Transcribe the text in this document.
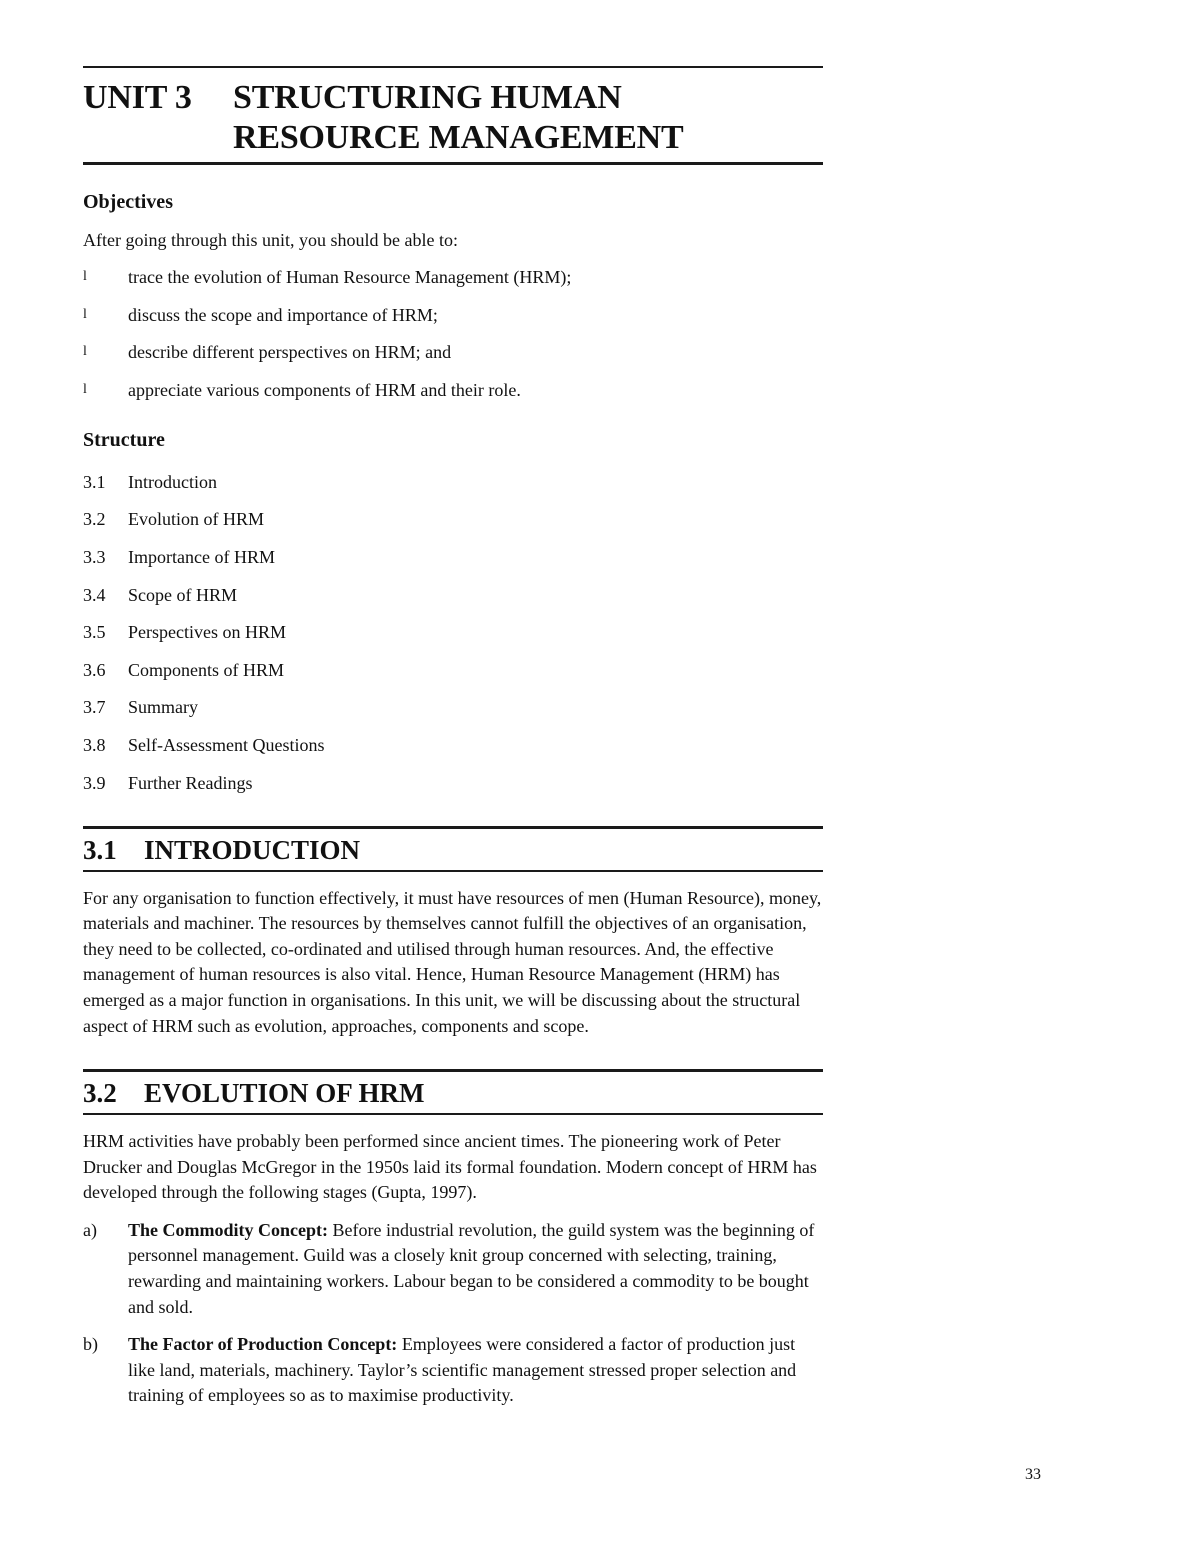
UNIT 3	STRUCTURING HUMAN
RESOURCE MANAGEMENT
Objectives
After going through this unit, you should be able to:
l	trace the evolution of Human Resource Management (HRM);
l	discuss the scope and importance of HRM;
l	describe different perspectives on HRM; and
l	appreciate various components of HRM and their role.
Structure
3.1	Introduction
3.2	Evolution of HRM
3.3	Importance of HRM
3.4	Scope of HRM
3.5	Perspectives on HRM
3.6	Components of HRM
3.7	Summary
3.8	Self-Assessment Questions
3.9	Further Readings
3.1	INTRODUCTION
For any organisation to function effectively, it must have resources of men (Human Resource), money, materials and machiner. The resources by themselves cannot fulfill the objectives of an organisation, they need to be collected, co-ordinated and utilised through human resources. And, the effective management of human resources is also vital. Hence, Human Resource Management (HRM) has emerged as a major function in organisations. In this unit, we will be discussing about the structural aspect of HRM such as evolution, approaches, components and scope.
3.2	EVOLUTION OF HRM
HRM activities have probably been performed since ancient times. The pioneering work of Peter Drucker and Douglas McGregor in the 1950s laid its formal foundation. Modern concept of HRM has developed through the following stages (Gupta, 1997).
a)	The Commodity Concept: Before industrial revolution, the guild system was the beginning of personnel management. Guild was a closely knit group concerned with selecting, training, rewarding and maintaining workers. Labour began to be considered a commodity to be bought and sold.
b)	The Factor of Production Concept: Employees were considered a factor of production just like land, materials, machinery. Taylor’s scientific management stressed proper selection and training of employees so as to maximise productivity.
33
